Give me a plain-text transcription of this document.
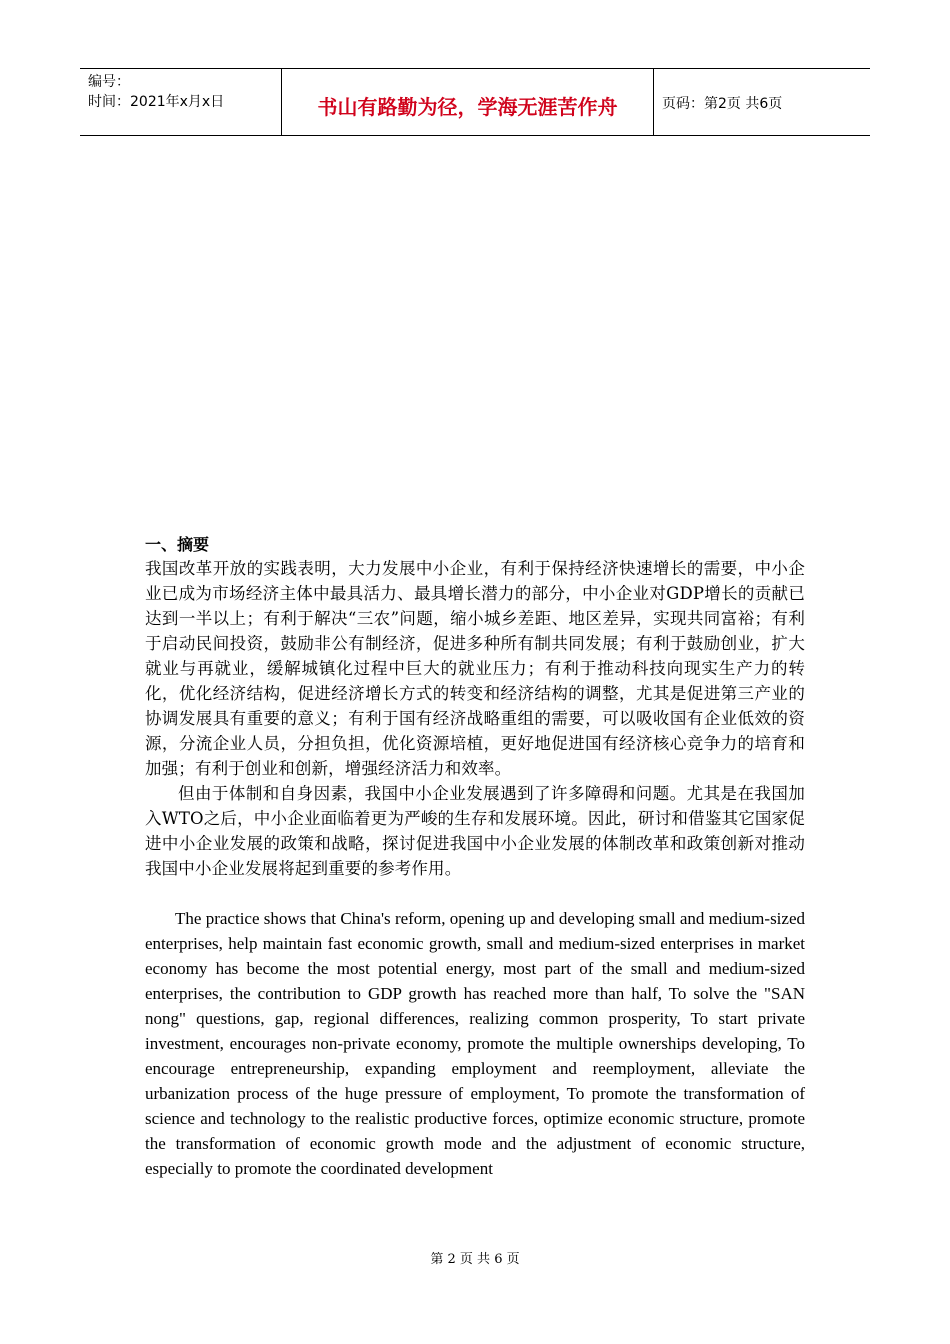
编号：
时间：2021年x月x日	书山有路勤为径，学海无涯苦作舟	页码：第2页 共6页

一、摘要

我国改革开放的实践表明，大力发展中小企业，有利于保持经济快速增长的需要，中小企业已成为市场经济主体中最具活力、最具增长潜力的部分，中小企业对GDP增长的贡献已达到一半以上；有利于解决“三农”问题，缩小城乡差距、地区差异，实现共同富裕；有利于启动民间投资，鼓励非公有制经济，促进多种所有制共同发展；有利于鼓励创业，扩大就业与再就业，缓解城镇化过程中巨大的就业压力；有利于推动科技向现实生产力的转化，优化经济结构，促进经济增长方式的转变和经济结构的调整，尤其是促进第三产业的协调发展具有重要的意义；有利于国有经济战略重组的需要，可以吸收国有企业低效的资源，分流企业人员，分担负担，优化资源培植，更好地促进国有经济核心竞争力的培育和加强；有利于创业和创新，增强经济活力和效率。

但由于体制和自身因素，我国中小企业发展遇到了许多障碍和问题。尤其是在我国加入WTO之后，中小企业面临着更为严峻的生存和发展环境。因此，研讨和借鉴其它国家促进中小企业发展的政策和战略，探讨促进我国中小企业发展的体制改革和政策创新对推动我国中小企业发展将起到重要的参考作用。

The practice shows that China's reform, opening up and developing small and medium-sized enterprises, help maintain fast economic growth, small and medium-sized enterprises in market economy has become the most potential energy, most part of the small and medium-sized enterprises, the contribution to GDP growth has reached more than half, To solve the "SAN nong" questions, gap, regional differences, realizing common prosperity, To start private investment, encourages non-private economy, promote the multiple ownerships developing, To encourage entrepreneurship, expanding employment and reemployment, alleviate the urbanization process of the huge pressure of employment, To promote the transformation of science and technology to the realistic productive forces, optimize economic structure, promote the transformation of economic growth mode and the adjustment of economic structure, especially to promote the coordinated development

第 2 页 共 6 页
